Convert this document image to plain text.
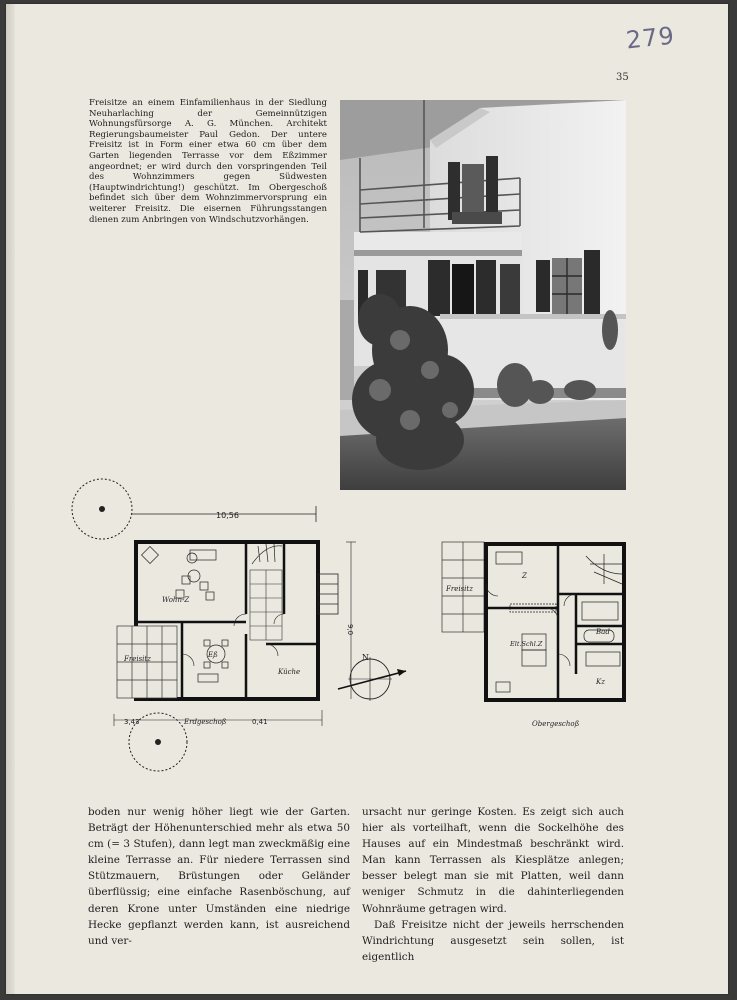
279
35
Freisitze an einem Einfamilienhaus in der Siedlung Neuharlaching der Gemeinnützigen Wohnungsfürsorge A. G. München. Architekt Regierungsbaumeister Paul Gedon. Der untere Freisitz ist in Form einer etwa 60 cm über dem Garten liegenden Terrasse vor dem Eßzimmer angeordnet; er wird durch den vorspringenden Teil des Wohnzimmers gegen Südwesten (Hauptwindrichtung!) geschützt. Im Obergeschoß befindet sich über dem Wohnzimmervorsprung ein weiterer Freisitz. Die eisernen Führungsstangen dienen zum Anbringen von Windschutzvorhängen.
10,56
Freisitz
Wohn-Z
Eß
Küche
9,0
3,43	Erdgeschoß	0,41
N
Freisitz
Z
Elt.Schl.Z
Bad
Kz
Obergeschoß

boden nur wenig höher liegt wie der Garten. Beträgt der Höhenunterschied mehr als etwa 50 cm (= 3 Stufen), dann legt man zweckmäßig eine kleine Terrasse an. Für niedere Terrassen sind Stützmauern, Brüstungen oder Geländer überflüssig; eine einfache Rasenböschung, auf deren Krone unter Umständen eine niedrige Hecke gepflanzt werden kann, ist ausreichend und ver-

ursacht nur geringe Kosten. Es zeigt sich auch hier als vorteilhaft, wenn die Sockelhöhe des Hauses auf ein Mindestmaß beschränkt wird. Man kann Terrassen als Kiesplätze anlegen; besser belegt man sie mit Platten, weil dann weniger Schmutz in die dahinterliegenden Wohnräume getragen wird.

Daß Freisitze nicht der jeweils herrschenden Windrichtung ausgesetzt sein sollen, ist eigentlich
